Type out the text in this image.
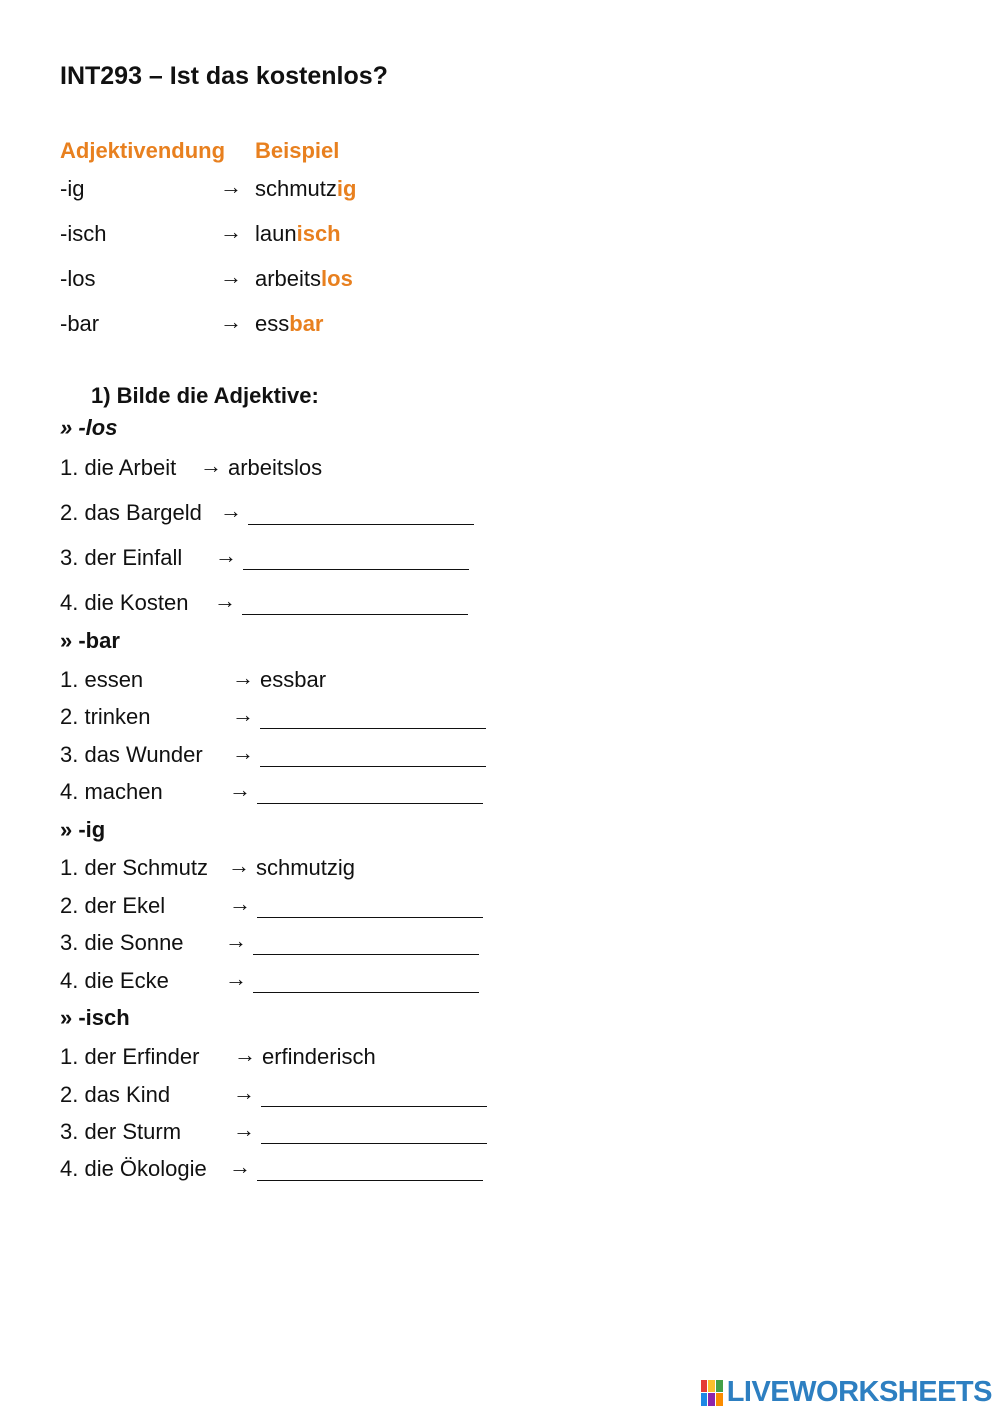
INT293 – Ist das kostenlos?
Adjektivendung Beispiel
-ig	→ schmutzig
-isch	→ launisch
-los	→ arbeitslos
-bar	→ essbar
1) Bilde die Adjektive:
» -los
1. die Arbeit → arbeitslos
2. das Bargeld →
3. der Einfall →
4. die Kosten →
» -bar
1. essen	→ essbar
2. trinken	→
3. das Wunder →
4. machen	→
» -ig
1. der Schmutz → schmutzig
2. der Ekel	→
3. die Sonne →
4. die Ecke	→
» -isch
1. der Erfinder → erfinderisch
2. das Kind	→
3. der Sturm →
4. die Ökologie →
LIVEWORKSHEETS
